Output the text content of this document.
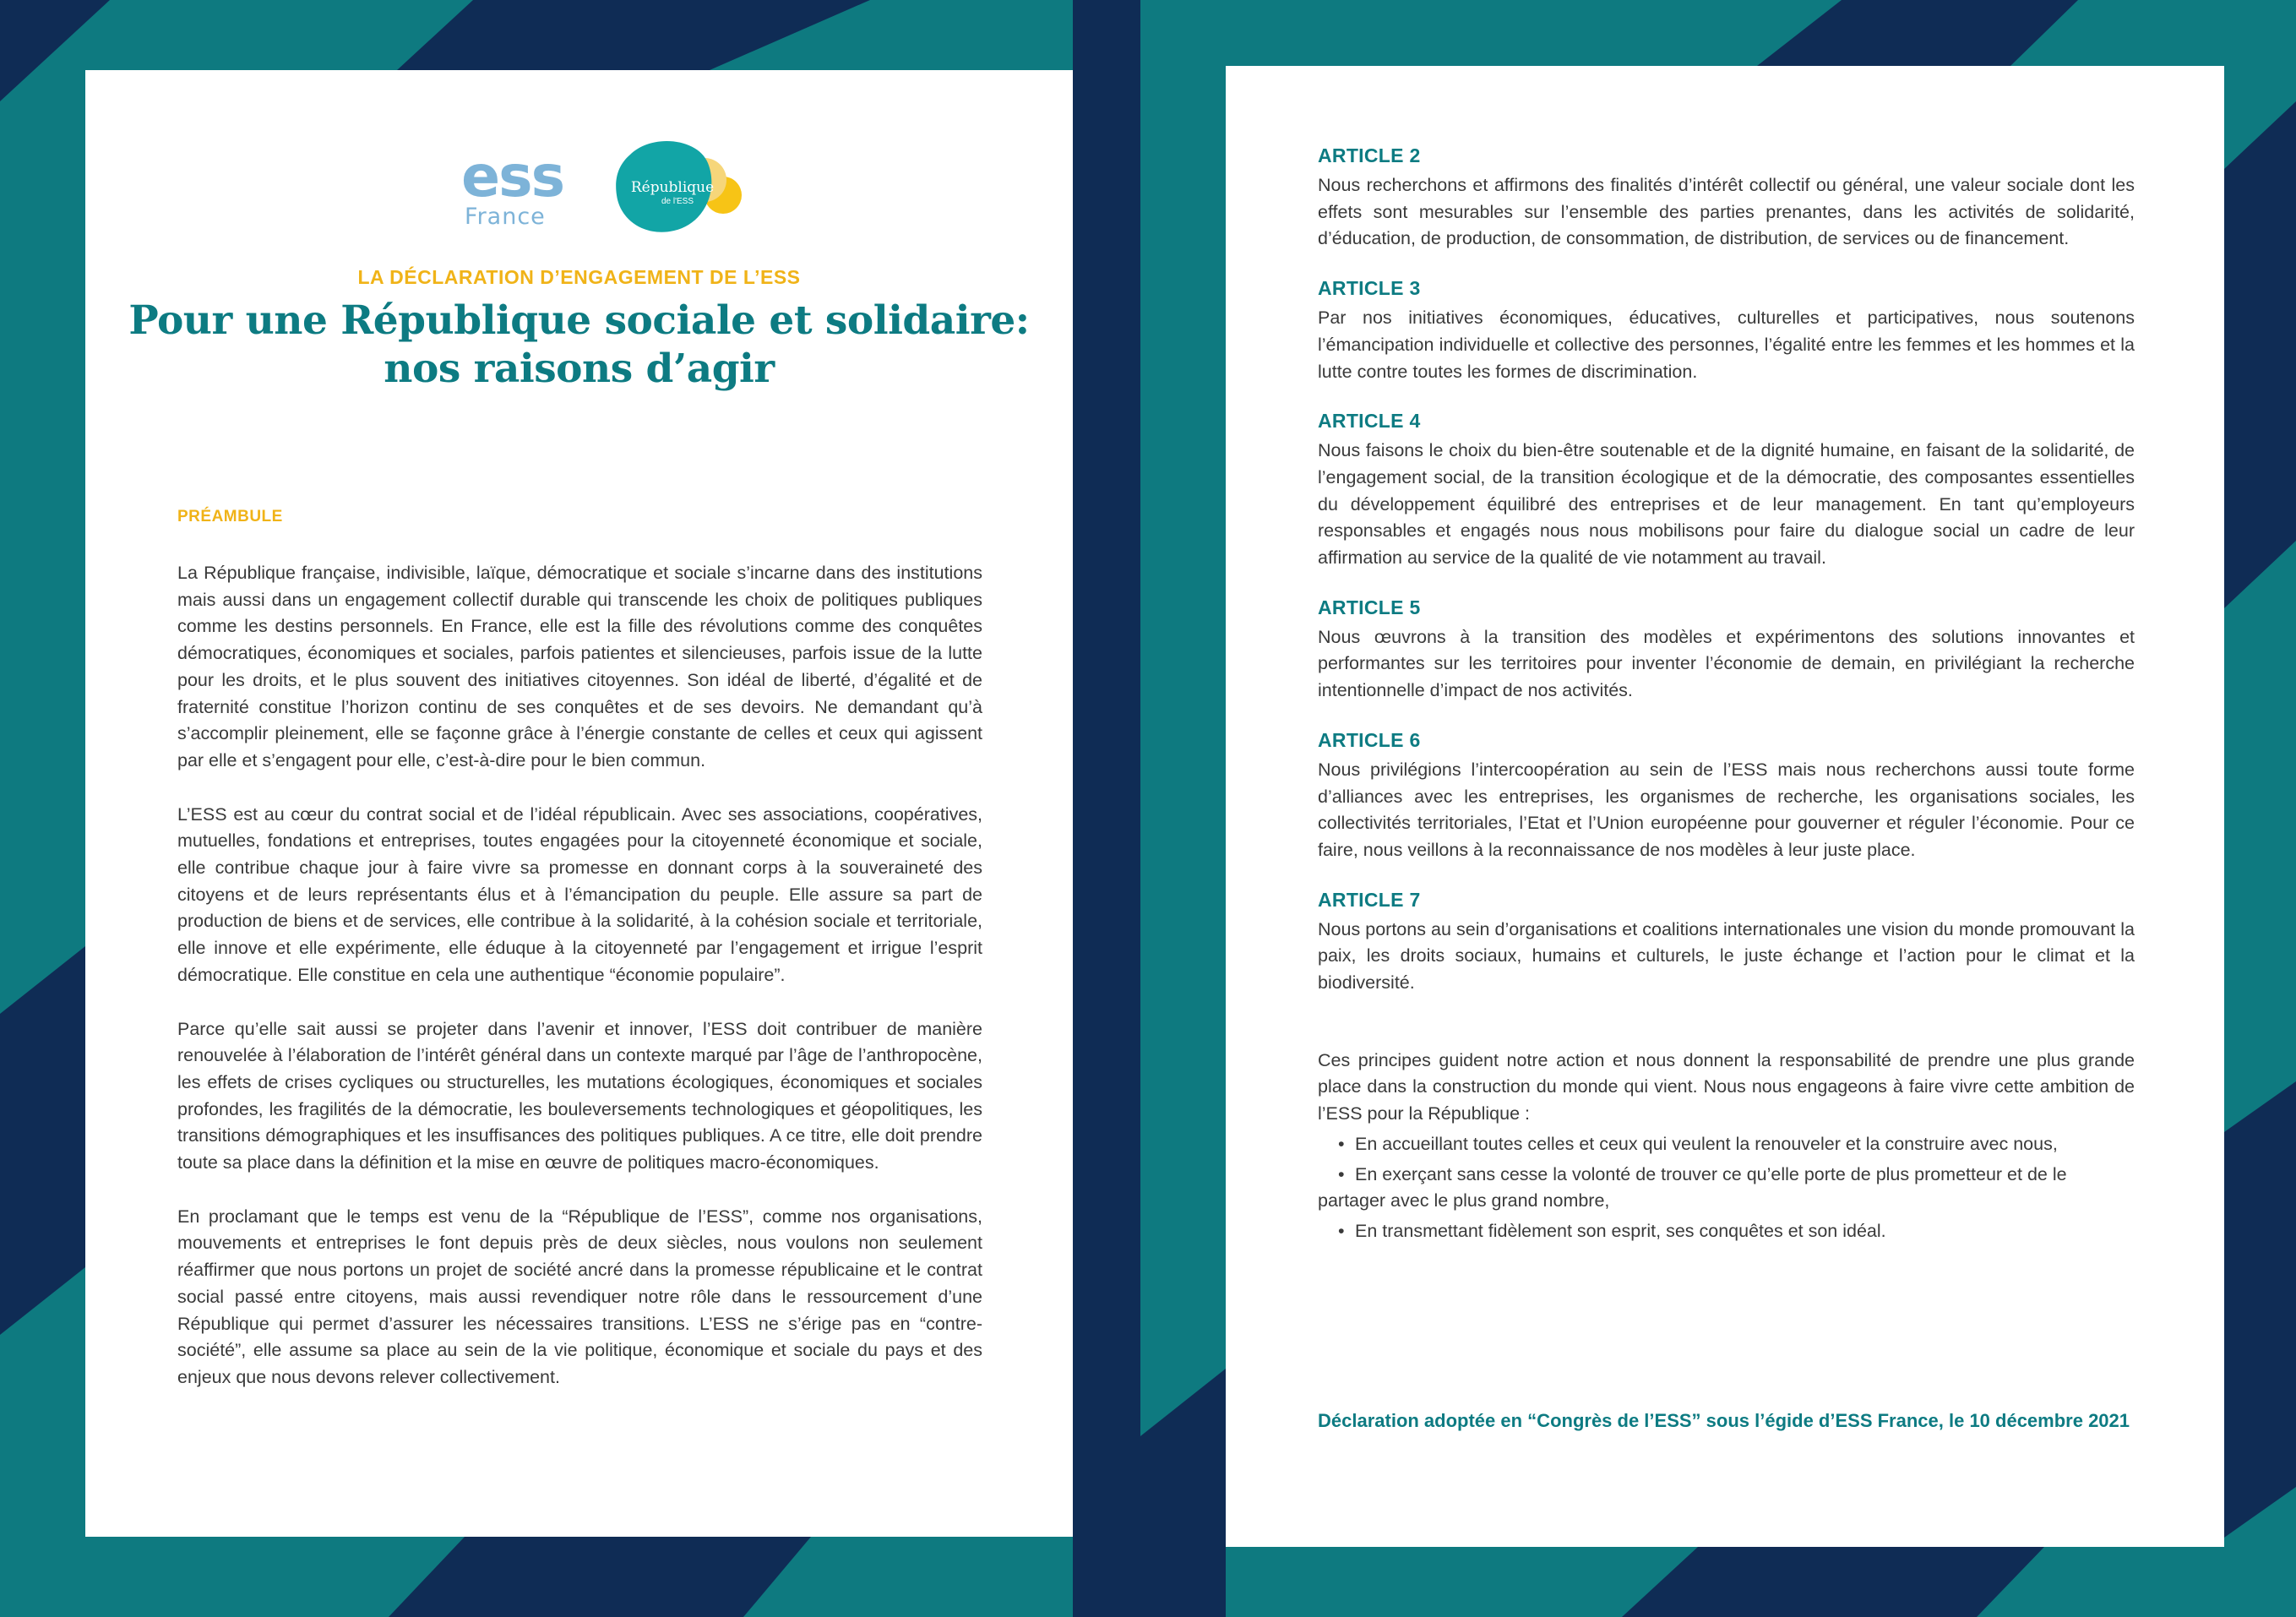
ess
France
République
de l'ESS
LA DÉCLARATION D’ENGAGEMENT DE L’ESS
Pour une République sociale et solidaire:
nos raisons d’agir
PRÉAMBULE

La République française, indivisible, laïque, démocratique et sociale s’incarne dans des institutions mais aussi dans un engagement collectif durable qui transcende les choix de politiques publiques comme les destins personnels. En France, elle est la fille des révolutions comme des conquêtes démocratiques, économiques et sociales, parfois patientes et silencieuses, parfois issue de la lutte pour les droits, et le plus souvent des initiatives citoyennes. Son idéal de liberté, d’égalité et de fraternité constitue l’horizon continu de ses conquêtes et de ses devoirs. Ne demandant qu’à s’accomplir pleinement, elle se façonne grâce à l’énergie constante de celles et ceux qui agissent par elle et s’engagent pour elle, c’est-à-dire pour le bien commun.

L’ESS est au cœur du contrat social et de l’idéal républicain. Avec ses associations, coopératives, mutuelles, fondations et entreprises, toutes engagées pour la citoyenneté économique et sociale, elle contribue chaque jour à faire vivre sa promesse en donnant corps à la souveraineté des citoyens et de leurs représentants élus et à l’émancipation du peuple. Elle assure sa part de production de biens et de services, elle contribue à la solidarité, à la cohésion sociale et territoriale, elle innove et elle expérimente, elle éduque à la citoyenneté par l’engagement et irrigue l’esprit démocratique. Elle constitue en cela une authentique “économie populaire”.

Parce qu’elle sait aussi se projeter dans l’avenir et innover, l’ESS doit contribuer de manière renouvelée à l’élaboration de l’intérêt général dans un contexte marqué par l’âge de l’anthropocène, les effets de crises cycliques ou structurelles, les mutations écologiques, économiques et sociales profondes, les fragilités de la démocratie, les bouleversements technologiques et géopolitiques, les transitions démographiques et les insuffisances des politiques publiques. A ce titre, elle doit prendre toute sa place dans la définition et la mise en œuvre de politiques macro-économiques.

En proclamant que le temps est venu de la “République de l’ESS”, comme nos organisations, mouvements et entreprises le font depuis près de deux siècles, nous voulons non seulement réaffirmer que nous portons un projet de société ancré dans la promesse républicaine et le contrat social passé entre citoyens, mais aussi revendiquer notre rôle dans le ressourcement d’une République qui permet d’assurer les nécessaires transitions. L’ESS ne s’érige pas en “contre-société”, elle assume sa place au sein de la vie politique, économique et sociale du pays et des enjeux que nous devons relever collectivement.

ARTICLE 2

Nous recherchons et affirmons des finalités d’intérêt collectif ou général, une valeur sociale dont les effets sont mesurables sur l’ensemble des parties prenantes, dans les activités de solidarité, d’éducation, de production, de consommation, de distribution, de services ou de financement.

ARTICLE 3

Par nos initiatives économiques, éducatives, culturelles et participatives, nous soutenons l’émancipation individuelle et collective des personnes, l’égalité entre les femmes et les hommes et la lutte contre toutes les formes de discrimination.

ARTICLE 4

Nous faisons le choix du bien-être soutenable et de la dignité humaine, en faisant de la solidarité, de l’engagement social, de la transition écologique et de la démocratie, des composantes essentielles du développement équilibré des entreprises et de leur management. En tant qu’employeurs responsables et engagés nous nous mobilisons pour faire du dialogue social un cadre de leur affirmation au service de la qualité de vie notamment au travail.

ARTICLE 5

Nous œuvrons à la transition des modèles et expérimentons des solutions innovantes et performantes sur les territoires pour inventer l’économie de demain, en privilégiant la recherche intentionnelle d’impact de nos activités.

ARTICLE 6

Nous privilégions l’intercoopération au sein de l’ESS mais nous recherchons aussi toute forme d’alliances avec les entreprises, les organismes de recherche, les organisations sociales, les collectivités territoriales, l’Etat et l’Union européenne pour gouverner et réguler l’économie. Pour ce faire, nous veillons à la reconnaissance de nos modèles à leur juste place.

ARTICLE 7

Nous portons au sein d’organisations et coalitions internationales une vision du monde promouvant la paix, les droits sociaux, humains et culturels, le juste échange et l’action pour le climat et la biodiversité.

Ces principes guident notre action et nous donnent la responsabilité de prendre une plus grande place dans la construction du monde qui vient. Nous nous engageons à faire vivre cette ambition de l’ESS pour la République :

• En accueillant toutes celles et ceux qui veulent la renouveler et la construire avec nous,
• En exerçant sans cesse la volonté de trouver ce qu’elle porte de plus prometteur et de le partager avec le plus grand nombre,
• En transmettant fidèlement son esprit, ses conquêtes et son idéal.
Déclaration adoptée en “Congrès de l’ESS” sous l’égide d’ESS France, le 10 décembre 2021
